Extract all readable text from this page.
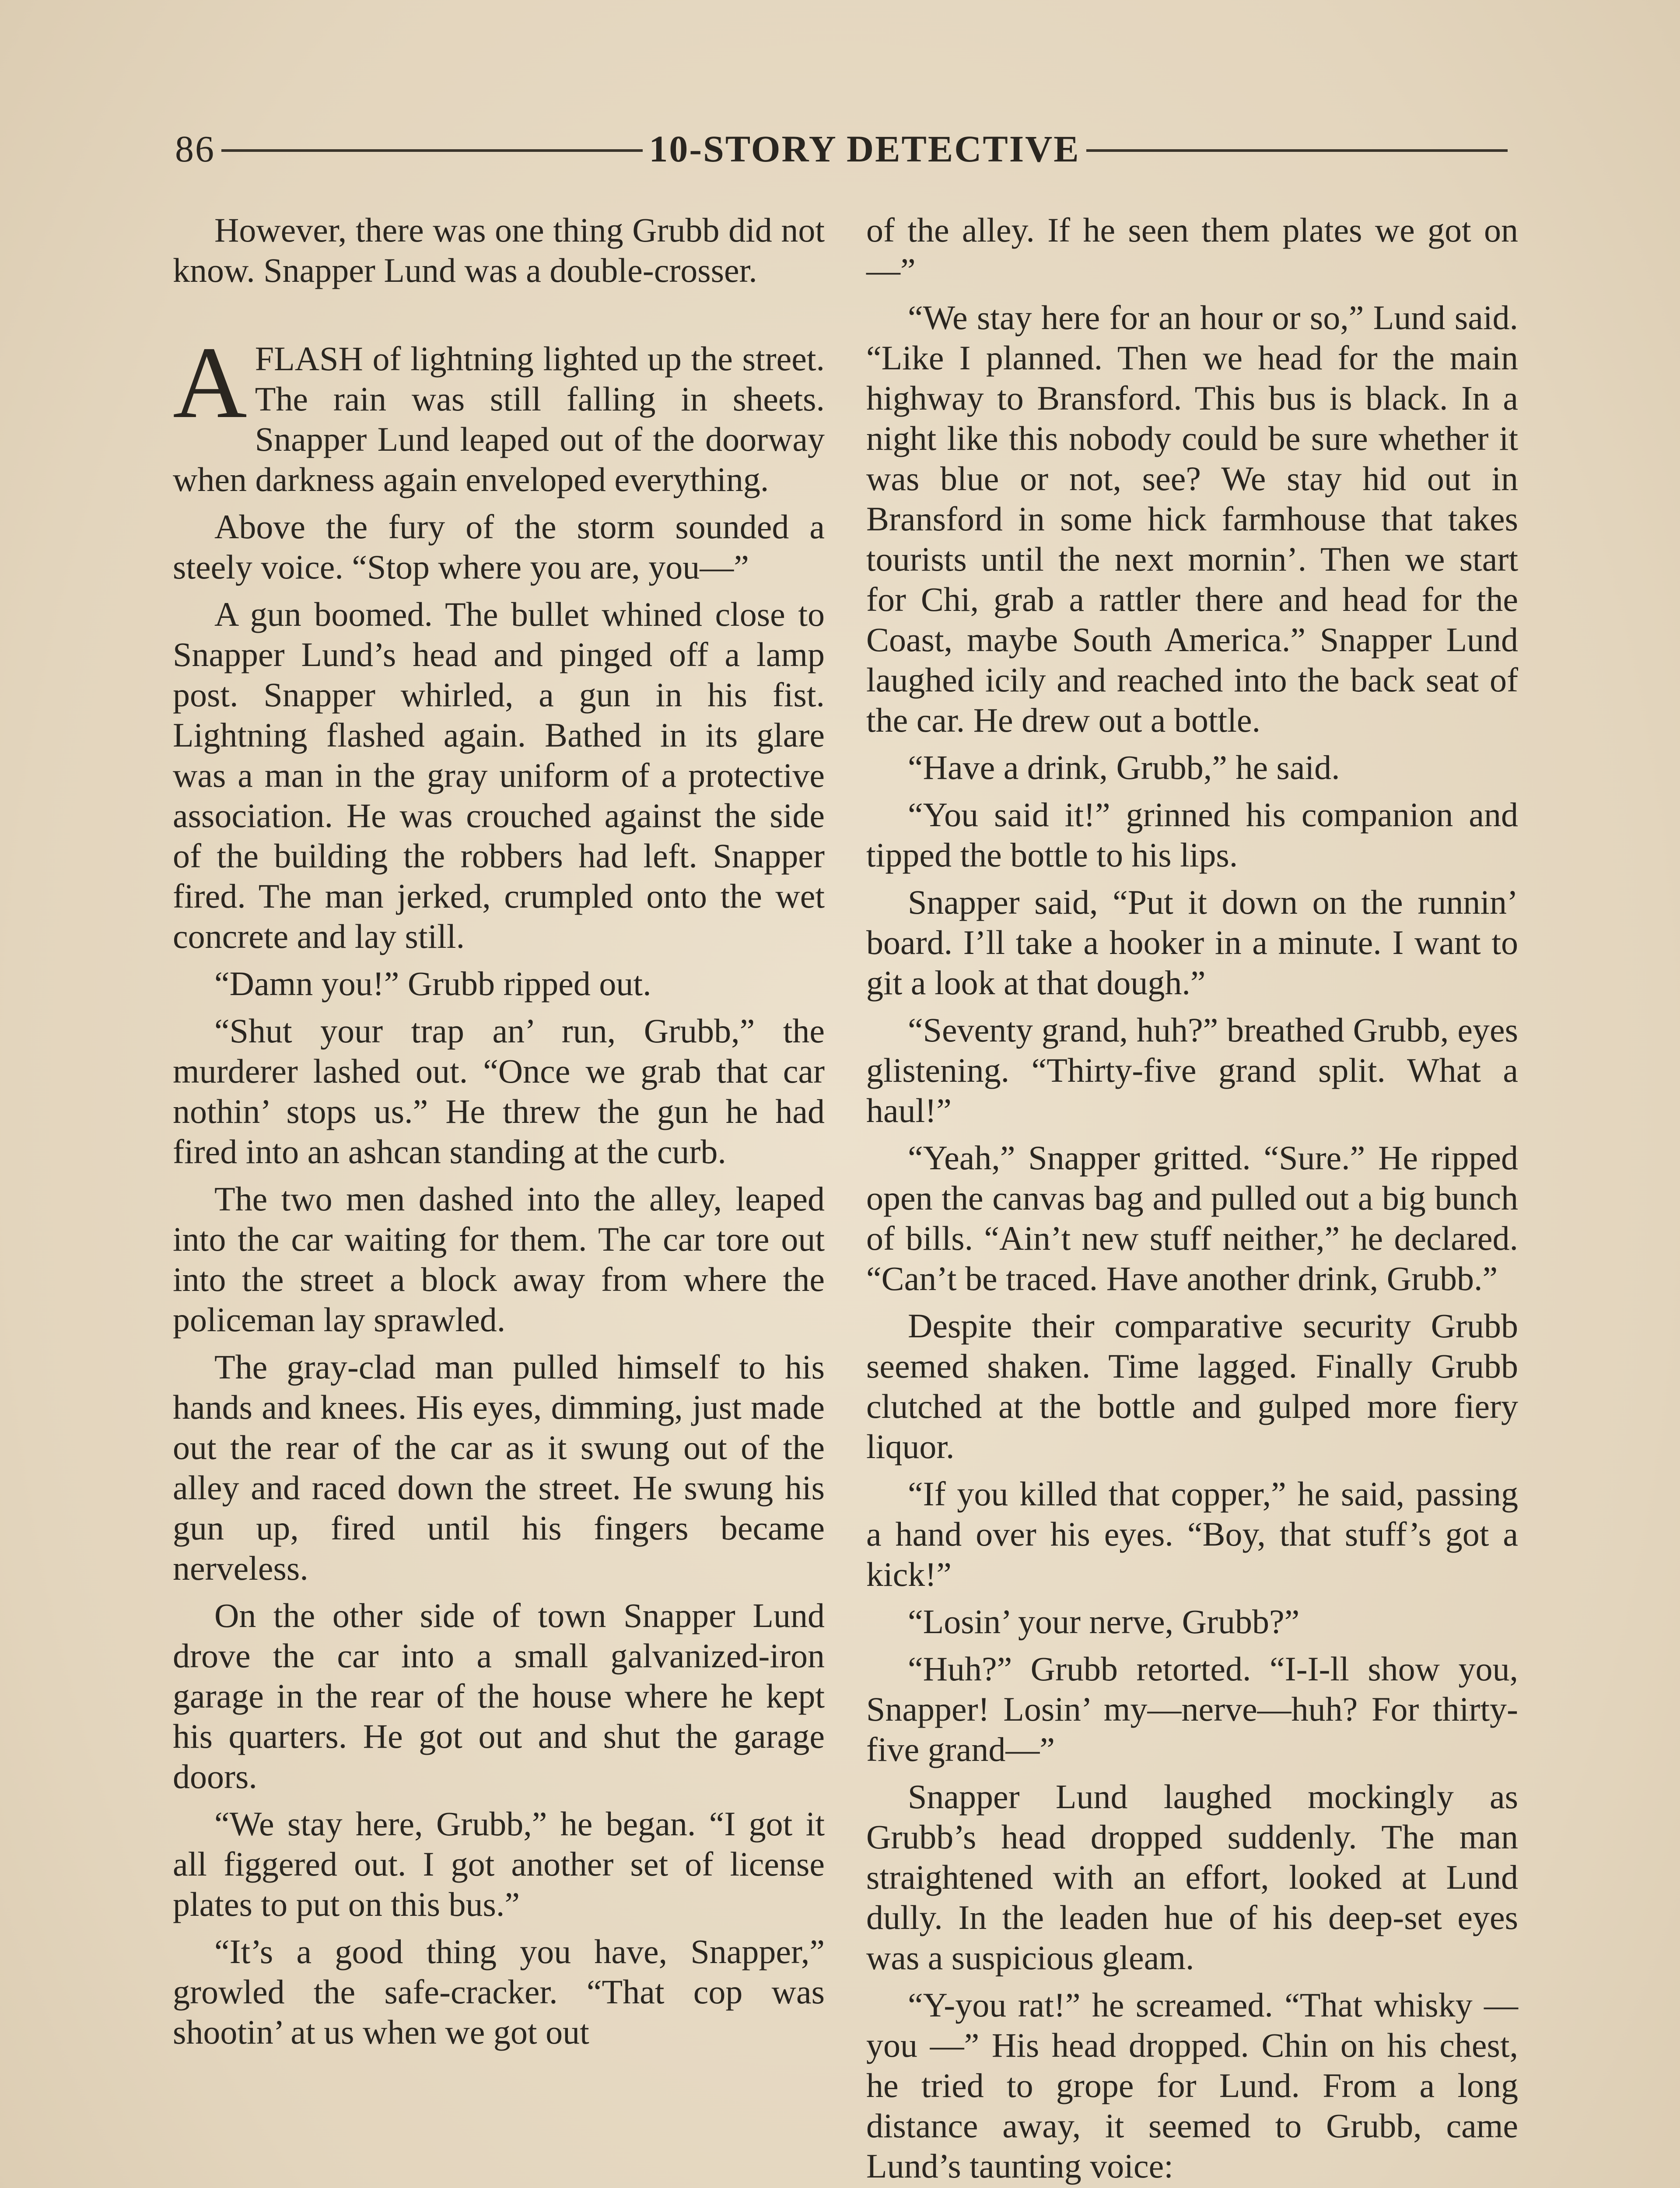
86	10-STORY DETECTIVE

However, there was one thing Grubb did not know. Snapper Lund was a double-crosser.

AFLASH of lightning lighted up the street. The rain was still falling in sheets. Snapper Lund leaped out of the doorway when darkness again enveloped everything.

Above the fury of the storm sounded a steely voice. “Stop where you are, you—”

A gun boomed. The bullet whined close to Snapper Lund’s head and pinged off a lamp post. Snapper whirled, a gun in his fist. Lightning flashed again. Bathed in its glare was a man in the gray uniform of a protective association. He was crouched against the side of the building the robbers had left. Snapper fired. The man jerked, crumpled onto the wet concrete and lay still.

“Damn you!” Grubb ripped out.

“Shut your trap an’ run, Grubb,” the murderer lashed out. “Once we grab that car nothin’ stops us.” He threw the gun he had fired into an ashcan standing at the curb.

The two men dashed into the alley, leaped into the car waiting for them. The car tore out into the street a block away from where the policeman lay sprawled.

The gray-clad man pulled himself to his hands and knees. His eyes, dimming, just made out the rear of the car as it swung out of the alley and raced down the street. He swung his gun up, fired until his fingers became nerveless.

On the other side of town Snapper Lund drove the car into a small galvanized-iron garage in the rear of the house where he kept his quarters. He got out and shut the garage doors.

“We stay here, Grubb,” he began. “I got it all figgered out. I got another set of license plates to put on this bus.”

“It’s a good thing you have, Snapper,” growled the safe-cracker. “That cop was shootin’ at us when we got out

of the alley. If he seen them plates we got on—”

“We stay here for an hour or so,” Lund said. “Like I planned. Then we head for the main highway to Bransford. This bus is black. In a night like this nobody could be sure whether it was blue or not, see? We stay hid out in Bransford in some hick farmhouse that takes tourists until the next mornin’. Then we start for Chi, grab a rattler there and head for the Coast, maybe South America.” Snapper Lund laughed icily and reached into the back seat of the car. He drew out a bottle.

“Have a drink, Grubb,” he said.

“You said it!” grinned his companion and tipped the bottle to his lips.

Snapper said, “Put it down on the runnin’ board. I’ll take a hooker in a minute. I want to git a look at that dough.”

“Seventy grand, huh?” breathed Grubb, eyes glistening. “Thirty-five grand split. What a haul!”

“Yeah,” Snapper gritted. “Sure.” He ripped open the canvas bag and pulled out a big bunch of bills. “Ain’t new stuff neither,” he declared. “Can’t be traced. Have another drink, Grubb.”

Despite their comparative security Grubb seemed shaken. Time lagged. Finally Grubb clutched at the bottle and gulped more fiery liquor.

“If you killed that copper,” he said, passing a hand over his eyes. “Boy, that stuff’s got a kick!”

“Losin’ your nerve, Grubb?”

“Huh?” Grubb retorted. “I-I-ll show you, Snapper! Losin’ my—nerve—huh? For thirty-five grand—”

Snapper Lund laughed mockingly as Grubb’s head dropped suddenly. The man straightened with an effort, looked at Lund dully. In the leaden hue of his deep-set eyes was a suspicious gleam.

“Y-you rat!” he screamed. “That whisky — you —” His head dropped. Chin on his chest, he tried to grope for Lund. From a long distance away, it seemed to Grubb, came Lund’s taunting voice:
